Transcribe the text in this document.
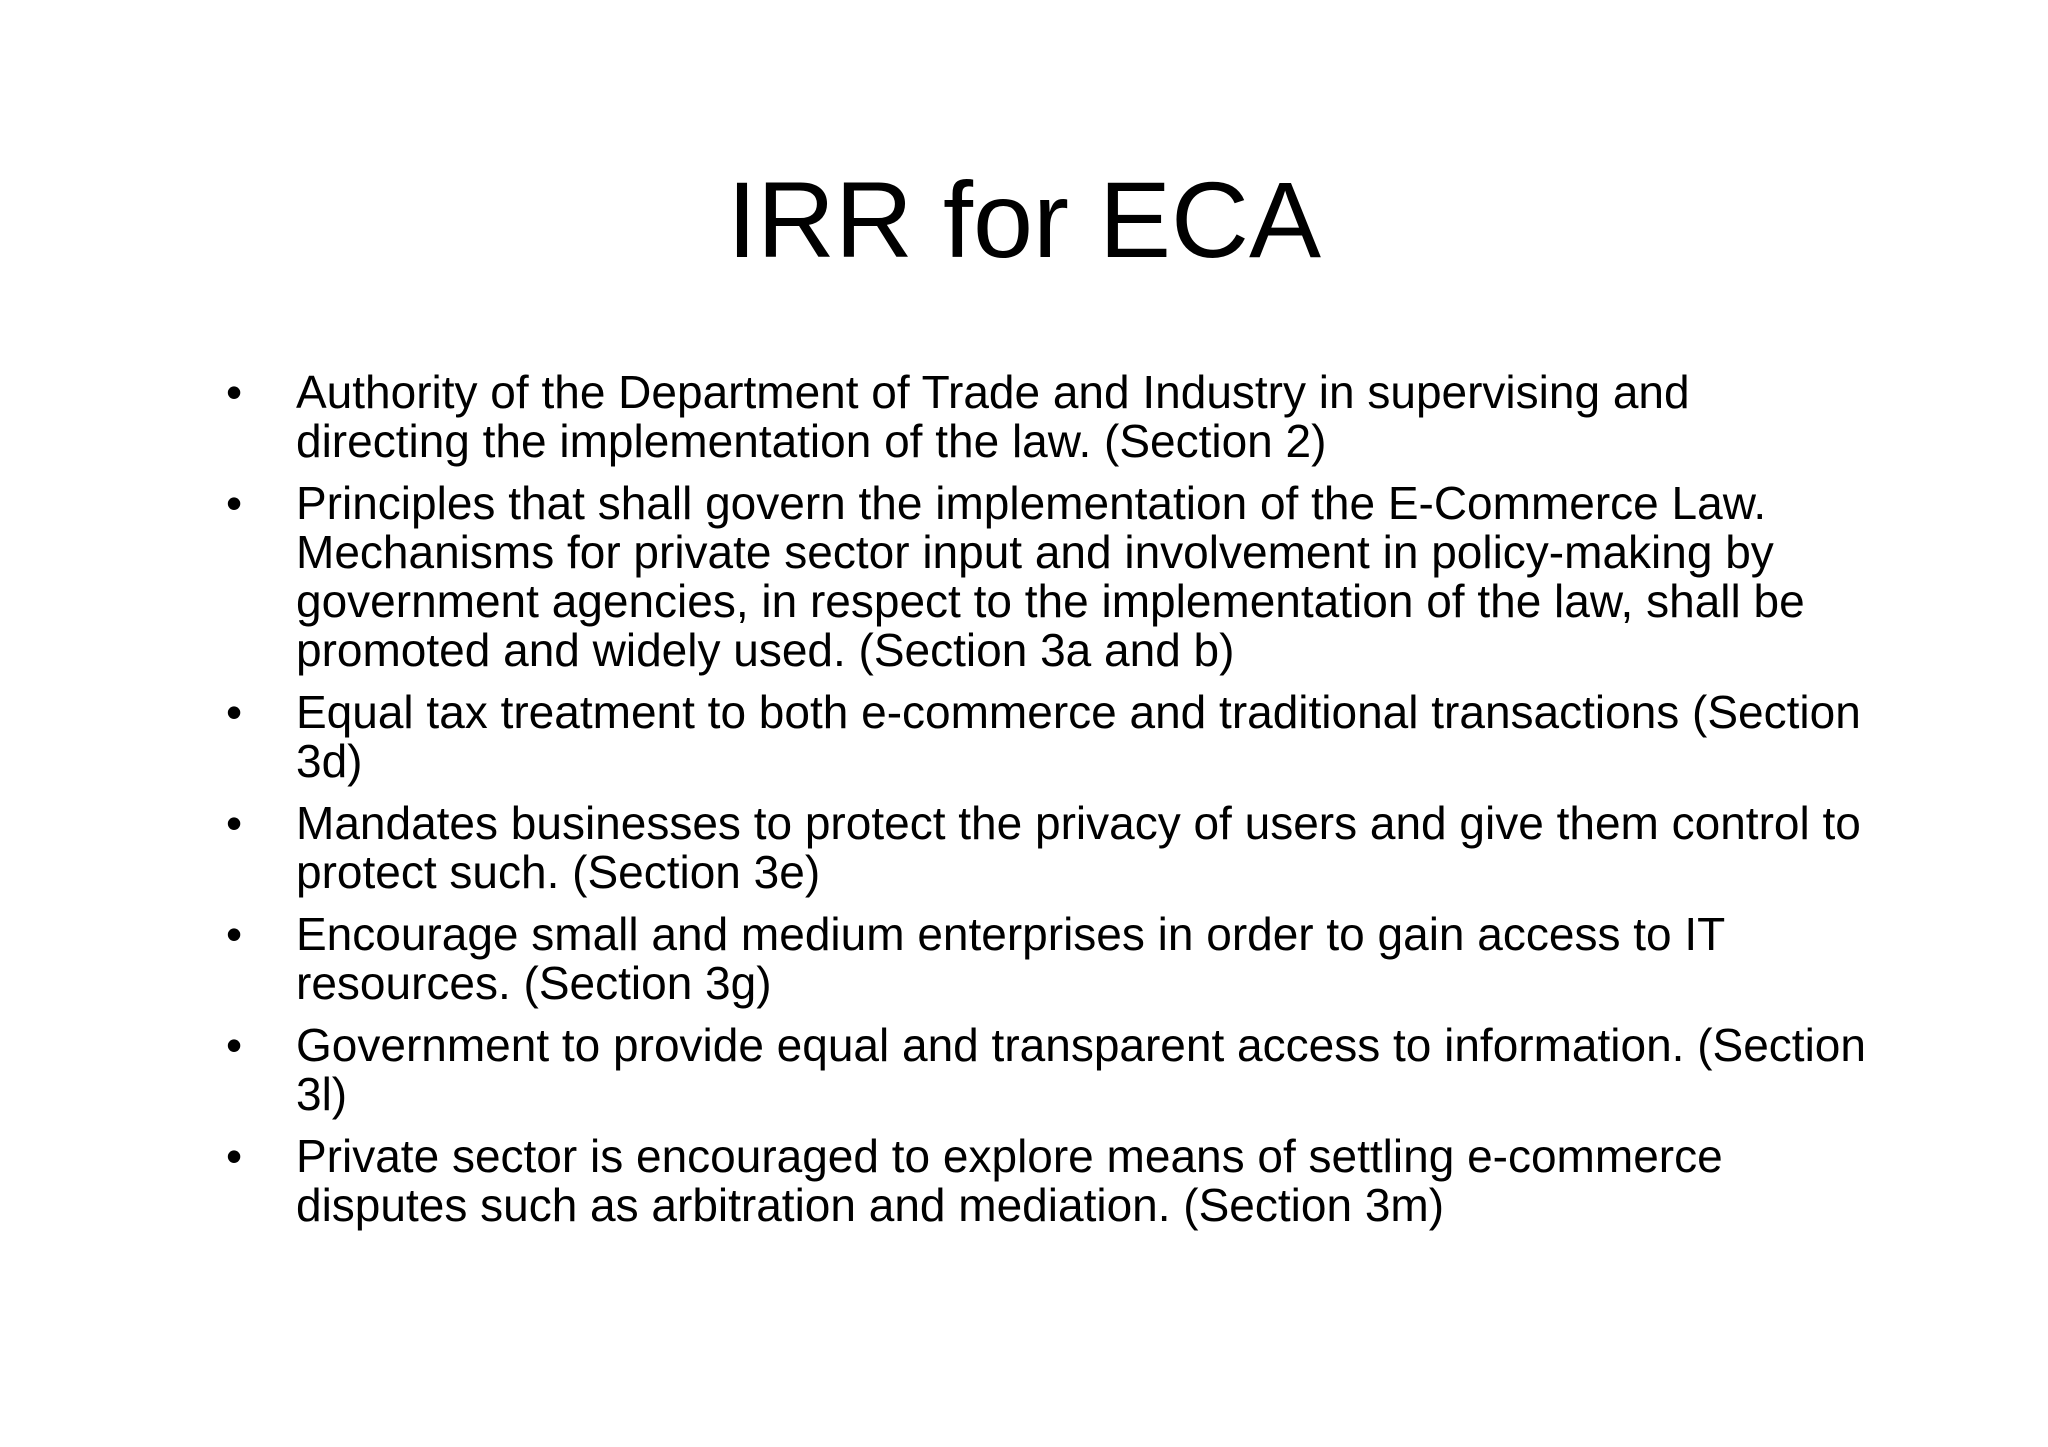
IRR for ECA
•	Authority of the Department of Trade and Industry in supervising and directing the implementation of the law. (Section 2)
•	Principles that shall govern the implementation of the E-Commerce Law. Mechanisms for private sector input and involvement in policy-making by government agencies, in respect to the implementation of the law, shall be promoted and widely used. (Section 3a and b)
•	Equal tax treatment to both e-commerce and traditional transactions (Section 3d)
•	Mandates businesses to protect the privacy of users and give them control to protect such. (Section 3e)
•	Encourage small and medium enterprises in order to gain access to IT resources. (Section 3g)
•	Government to provide equal and transparent access to information. (Section 3l)
•	Private sector is encouraged to explore means of settling e-commerce disputes such as arbitration and mediation. (Section 3m)
